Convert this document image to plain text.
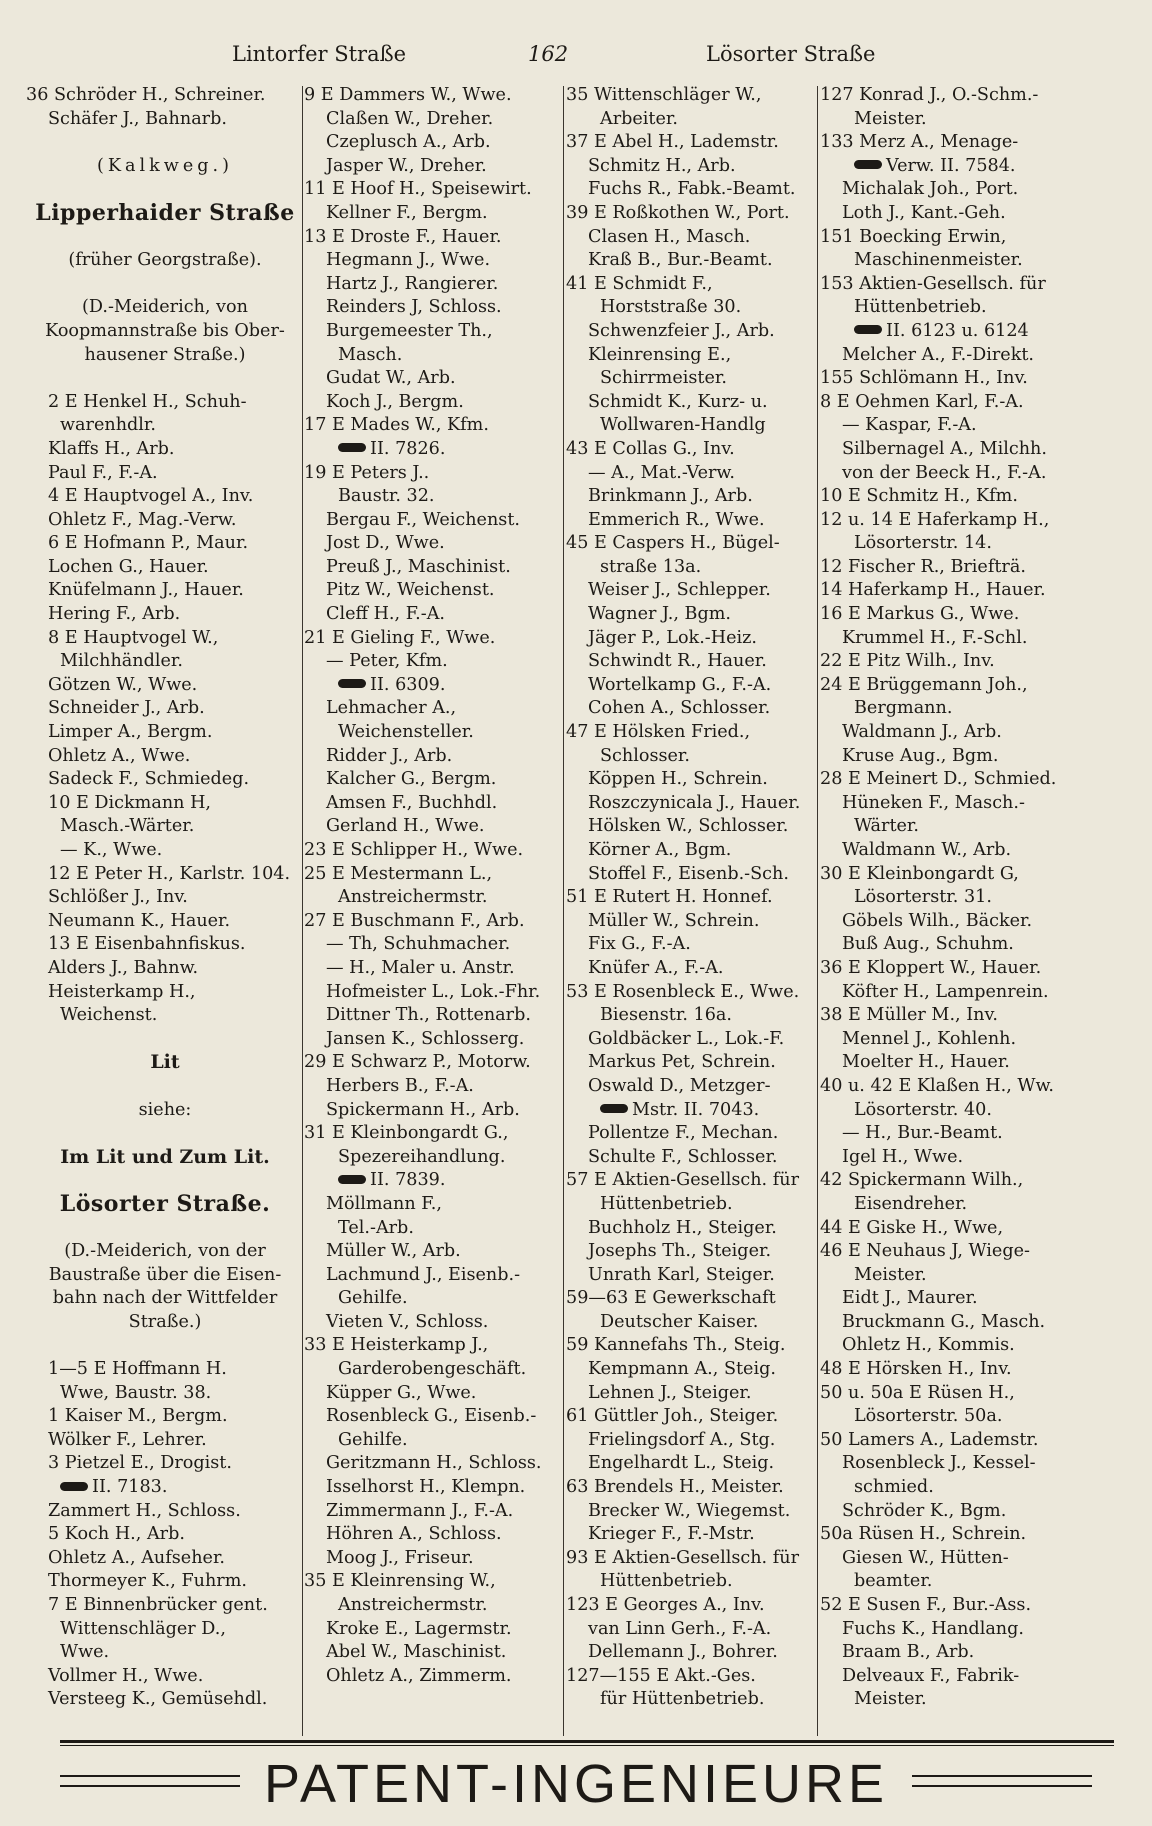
Lintorfer Straße	162	Lösorter Straße

36 Schröder H., Schreiner.

Schäfer J., Bahnarb.

(Kalkweg.)

Lipperhaider Straße

(früher Georgstraße).

(D.-Meiderich, von

Koopmannstraße bis Ober-

hausener Straße.)

2 E Henkel H., Schuh-

warenhdlr.

Klaffs H., Arb.

Paul F., F.-A.

4 E Hauptvogel A., Inv.

Ohletz F., Mag.-Verw.

6 E Hofmann P., Maur.

Lochen G., Hauer.

Knüfelmann J., Hauer.

Hering F., Arb.

8 E Hauptvogel W.,

Milchhändler.

Götzen W., Wwe.

Schneider J., Arb.

Limper A., Bergm.

Ohletz A., Wwe.

Sadeck F., Schmiedeg.

10 E Dickmann H,

Masch.-Wärter.

— K., Wwe.

12 E Peter H., Karlstr. 104.

Schlößer J., Inv.

Neumann K., Hauer.

13 E Eisenbahnfiskus.

Alders J., Bahnw.

Heisterkamp H.,

Weichenst.

Lit

siehe:

Im Lit und Zum Lit.

Lösorter Straße.

(D.-Meiderich, von der

Baustraße über die Eisen-

bahn nach der Wittfelder

Straße.)

1—5 E Hoffmann H.

Wwe, Baustr. 38.

1 Kaiser M., Bergm.

Wölker F., Lehrer.

3 Pietzel E., Drogist.

II. 7183.

Zammert H., Schloss.

5 Koch H., Arb.

Ohletz A., Aufseher.

Thormeyer K., Fuhrm.

7 E Binnenbrücker gent.

Wittenschläger D.,

Wwe.

Vollmer H., Wwe.

Versteeg K., Gemüsehdl.

9 E Dammers W., Wwe.

Claßen W., Dreher.

Czeplusch A., Arb.

Jasper W., Dreher.

11 E Hoof H., Speisewirt.

Kellner F., Bergm.

13 E Droste F., Hauer.

Hegmann J., Wwe.

Hartz J., Rangierer.

Reinders J, Schloss.

Burgemeester Th.,

Masch.

Gudat W., Arb.

Koch J., Bergm.

17 E Mades W., Kfm.

II. 7826.

19 E Peters J..

Baustr. 32.

Bergau F., Weichenst.

Jost D., Wwe.

Preuß J., Maschinist.

Pitz W., Weichenst.

Cleff H., F.-A.

21 E Gieling F., Wwe.

— Peter, Kfm.

II. 6309.

Lehmacher A.,

Weichensteller.

Ridder J., Arb.

Kalcher G., Bergm.

Amsen F., Buchhdl.

Gerland H., Wwe.

23 E Schlipper H., Wwe.

25 E Mestermann L.,

Anstreichermstr.

27 E Buschmann F., Arb.

— Th, Schuhmacher.

— H., Maler u. Anstr.

Hofmeister L., Lok.-Fhr.

Dittner Th., Rottenarb.

Jansen K., Schlosserg.

29 E Schwarz P., Motorw.

Herbers B., F.-A.

Spickermann H., Arb.

31 E Kleinbongardt G.,

Spezereihandlung.

II. 7839.

Möllmann F.,

Tel.-Arb.

Müller W., Arb.

Lachmund J., Eisenb.-

Gehilfe.

Vieten V., Schloss.

33 E Heisterkamp J.,

Garderobengeschäft.

Küpper G., Wwe.

Rosenbleck G., Eisenb.-

Gehilfe.

Geritzmann H., Schloss.

Isselhorst H., Klempn.

Zimmermann J., F.-A.

Höhren A., Schloss.

Moog J., Friseur.

35 E Kleinrensing W.,

Anstreichermstr.

Kroke E., Lagermstr.

Abel W., Maschinist.

Ohletz A., Zimmerm.

35 Wittenschläger W.,

Arbeiter.

37 E Abel H., Lademstr.

Schmitz H., Arb.

Fuchs R., Fabk.-Beamt.

39 E Roßkothen W., Port.

Clasen H., Masch.

Kraß B., Bur.-Beamt.

41 E Schmidt F.,

Horststraße 30.

Schwenzfeier J., Arb.

Kleinrensing E.,

Schirrmeister.

Schmidt K., Kurz- u.

Wollwaren-Handlg

43 E Collas G., Inv.

— A., Mat.-Verw.

Brinkmann J., Arb.

Emmerich R., Wwe.

45 E Caspers H., Bügel-

straße 13a.

Weiser J., Schlepper.

Wagner J., Bgm.

Jäger P., Lok.-Heiz.

Schwindt R., Hauer.

Wortelkamp G., F.-A.

Cohen A., Schlosser.

47 E Hölsken Fried.,

Schlosser.

Köppen H., Schrein.

Roszczynicala J., Hauer.

Hölsken W., Schlosser.

Körner A., Bgm.

Stoffel F., Eisenb.-Sch.

51 E Rutert H. Honnef.

Müller W., Schrein.

Fix G., F.-A.

Knüfer A., F.-A.

53 E Rosenbleck E., Wwe.

Biesenstr. 16a.

Goldbäcker L., Lok.-F.

Markus Pet, Schrein.

Oswald D., Metzger-

Mstr. II. 7043.

Pollentze F., Mechan.

Schulte F., Schlosser.

57 E Aktien-Gesellsch. für

Hüttenbetrieb.

Buchholz H., Steiger.

Josephs Th., Steiger.

Unrath Karl, Steiger.

59—63 E Gewerkschaft

Deutscher Kaiser.

59 Kannefahs Th., Steig.

Kempmann A., Steig.

Lehnen J., Steiger.

61 Güttler Joh., Steiger.

Frielingsdorf A., Stg.

Engelhardt L., Steig.

63 Brendels H., Meister.

Brecker W., Wiegemst.

Krieger F., F.-Mstr.

93 E Aktien-Gesellsch. für

Hüttenbetrieb.

123 E Georges A., Inv.

van Linn Gerh., F.-A.

Dellemann J., Bohrer.

127—155 E Akt.-Ges.

für Hüttenbetrieb.

127 Konrad J., O.-Schm.-

Meister.

133 Merz A., Menage-

Verw. II. 7584.

Michalak Joh., Port.

Loth J., Kant.-Geh.

151 Boecking Erwin,

Maschinenmeister.

153 Aktien-Gesellsch. für

Hüttenbetrieb.

II. 6123 u. 6124

Melcher A., F.-Direkt.

155 Schlömann H., Inv.

8 E Oehmen Karl, F.-A.

— Kaspar, F.-A.

Silbernagel A., Milchh.

von der Beeck H., F.-A.

10 E Schmitz H., Kfm.

12 u. 14 E Haferkamp H.,

Lösorterstr. 14.

12 Fischer R., Briefträ.

14 Haferkamp H., Hauer.

16 E Markus G., Wwe.

Krummel H., F.-Schl.

22 E Pitz Wilh., Inv.

24 E Brüggemann Joh.,

Bergmann.

Waldmann J., Arb.

Kruse Aug., Bgm.

28 E Meinert D., Schmied.

Hüneken F., Masch.-

Wärter.

Waldmann W., Arb.

30 E Kleinbongardt G,

Lösorterstr. 31.

Göbels Wilh., Bäcker.

Buß Aug., Schuhm.

36 E Kloppert W., Hauer.

Köfter H., Lampenrein.

38 E Müller M., Inv.

Mennel J., Kohlenh.

Moelter H., Hauer.

40 u. 42 E Klaßen H., Ww.

Lösorterstr. 40.

— H., Bur.-Beamt.

Igel H., Wwe.

42 Spickermann Wilh.,

Eisendreher.

44 E Giske H., Wwe,

46 E Neuhaus J, Wiege-

Meister.

Eidt J., Maurer.

Bruckmann G., Masch.

Ohletz H., Kommis.

48 E Hörsken H., Inv.

50 u. 50a E Rüsen H.,

Lösorterstr. 50a.

50 Lamers A., Lademstr.

Rosenbleck J., Kessel-

schmied.

Schröder K., Bgm.

50a Rüsen H., Schrein.

Giesen W., Hütten-

beamter.

52 E Susen F., Bur.-Ass.

Fuchs K., Handlang.

Braam B., Arb.

Delveaux F., Fabrik-

Meister.

PATENT-INGENIEURE
